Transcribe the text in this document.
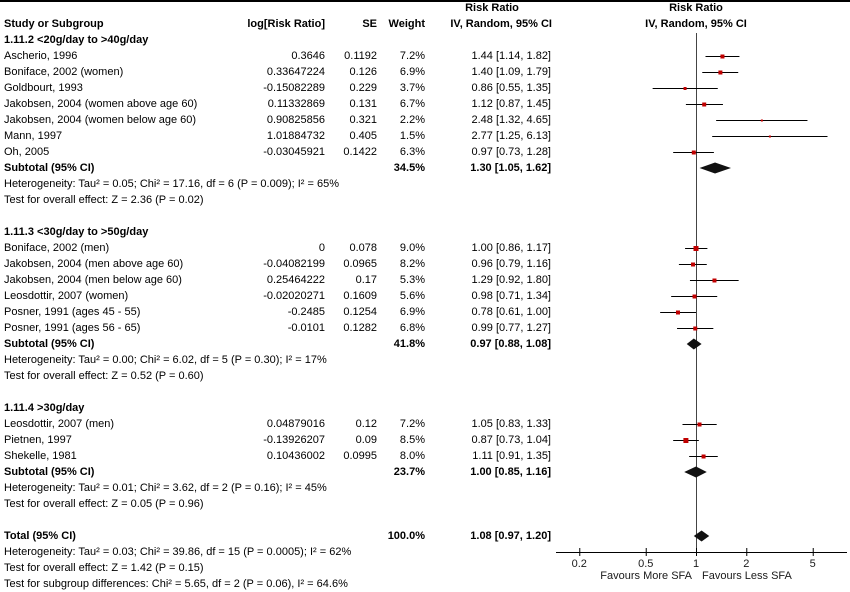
Risk Ratio	Risk Ratio
Study or Subgroup	log[Risk Ratio]	SE Weight IV, Random, 95% CI	IV, Random, 95% CI
1.11.2 <20g/day to >40g/day
Ascherio, 1996	0.3646 0.1192 7.2%	1.44 [1.14, 1.82]
Boniface, 2002 (women)	0.33647224 0.126 6.9%	1.40 [1.09, 1.79]
Goldbourt, 1993	-0.15082289 0.229 3.7%	0.86 [0.55, 1.35]
Jakobsen, 2004 (women above age 60)	0.11332869 0.131 6.7%	1.12 [0.87, 1.45]
Jakobsen, 2004 (women below age 60)	0.90825856 0.321 2.2%	2.48 [1.32, 4.65]
Mann, 1997	1.01884732 0.405 1.5%	2.77 [1.25, 6.13]
Oh, 2005	-0.03045921 0.1422 6.3%	0.97 [0.73, 1.28]
Subtotal (95% CI)	34.5%	1.30 [1.05, 1.62]
Heterogeneity: Tau² = 0.05; Chi² = 17.16, df = 6 (P = 0.009); I² = 65%
Test for overall effect: Z = 2.36 (P = 0.02)
1.11.3 <30g/day to >50g/day
Boniface, 2002 (men)	0 0.078 9.0%	1.00 [0.86, 1.17]
Jakobsen, 2004 (men above age 60)	-0.04082199 0.0965 8.2%	0.96 [0.79, 1.16]
Jakobsen, 2004 (men below age 60)	0.25464222	0.17 5.3%	1.29 [0.92, 1.80]
Leosdottir, 2007 (women)	-0.02020271 0.1609 5.6%	0.98 [0.71, 1.34]
Posner, 1991 (ages 45 - 55)	-0.2485 0.1254 6.9%	0.78 [0.61, 1.00]
Posner, 1991 (ages 56 - 65)	-0.0101 0.1282 6.8%	0.99 [0.77, 1.27]
Subtotal (95% CI)	41.8%	0.97 [0.88, 1.08]
Heterogeneity: Tau² = 0.00; Chi² = 6.02, df = 5 (P = 0.30); I² = 17%
Test for overall effect: Z = 0.52 (P = 0.60)
1.11.4 >30g/day
Leosdottir, 2007 (men)	0.04879016	0.12 7.2%	1.05 [0.83, 1.33]
Pietnen, 1997	-0.13926207	0.09 8.5%	0.87 [0.73, 1.04]
Shekelle, 1981	0.10436002 0.0995 8.0%	1.11 [0.91, 1.35]
Subtotal (95% CI)	23.7%	1.00 [0.85, 1.16]
Heterogeneity: Tau² = 0.01; Chi² = 3.62, df = 2 (P = 0.16); I² = 45%
Test for overall effect: Z = 0.05 (P = 0.96)
Total (95% CI)	100.0%	1.08 [0.97, 1.20]
Heterogeneity: Tau² = 0.03; Chi² = 39.86, df = 15 (P = 0.0005); I² = 62%
Test for overall effect: Z = 1.42 (P = 0.15)
Test for subgroup differences: Chi² = 5.65, df = 2 (P = 0.06), I² = 64.6%
0.2	0.5	1	2	5
Favours More SFA Favours Less SFA
